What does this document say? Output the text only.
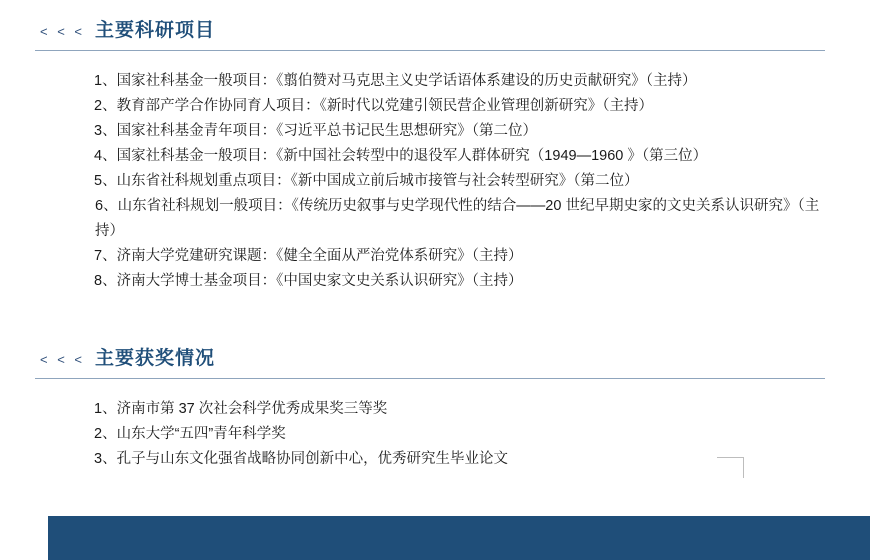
< < < 主要科研项目
1、国家社科基金一般项目：《翦伯赞对马克思主义史学话语体系建设的历史贡献研究》（主持）
2、教育部产学合作协同育人项目：《新时代以党建引领民营企业管理创新研究》（主持）
3、国家社科基金青年项目：《习近平总书记民生思想研究》（第二位）
4、国家社科基金一般项目：《新中国社会转型中的退役军人群体研究（1949—1960 》（第三位）
5、山东省社科规划重点项目：《新中国成立前后城市接管与社会转型研究》（第二位）
6、山东省社科规划一般项目：《传统历史叙事与史学现代性的结合——20 世纪早期史家的文史关系认识研究》（主持）
7、济南大学党建研究课题：《健全全面从严治党体系研究》（主持）
8、济南大学博士基金项目：《中国史家文史关系认识研究》（主持）
< < < 主要获奖情况
1、济南市第 37 次社会科学优秀成果奖三等奖
2、山东大学“五四”青年科学奖
3、孔子与山东文化强省战略协同创新中心，优秀研究生毕业论文
